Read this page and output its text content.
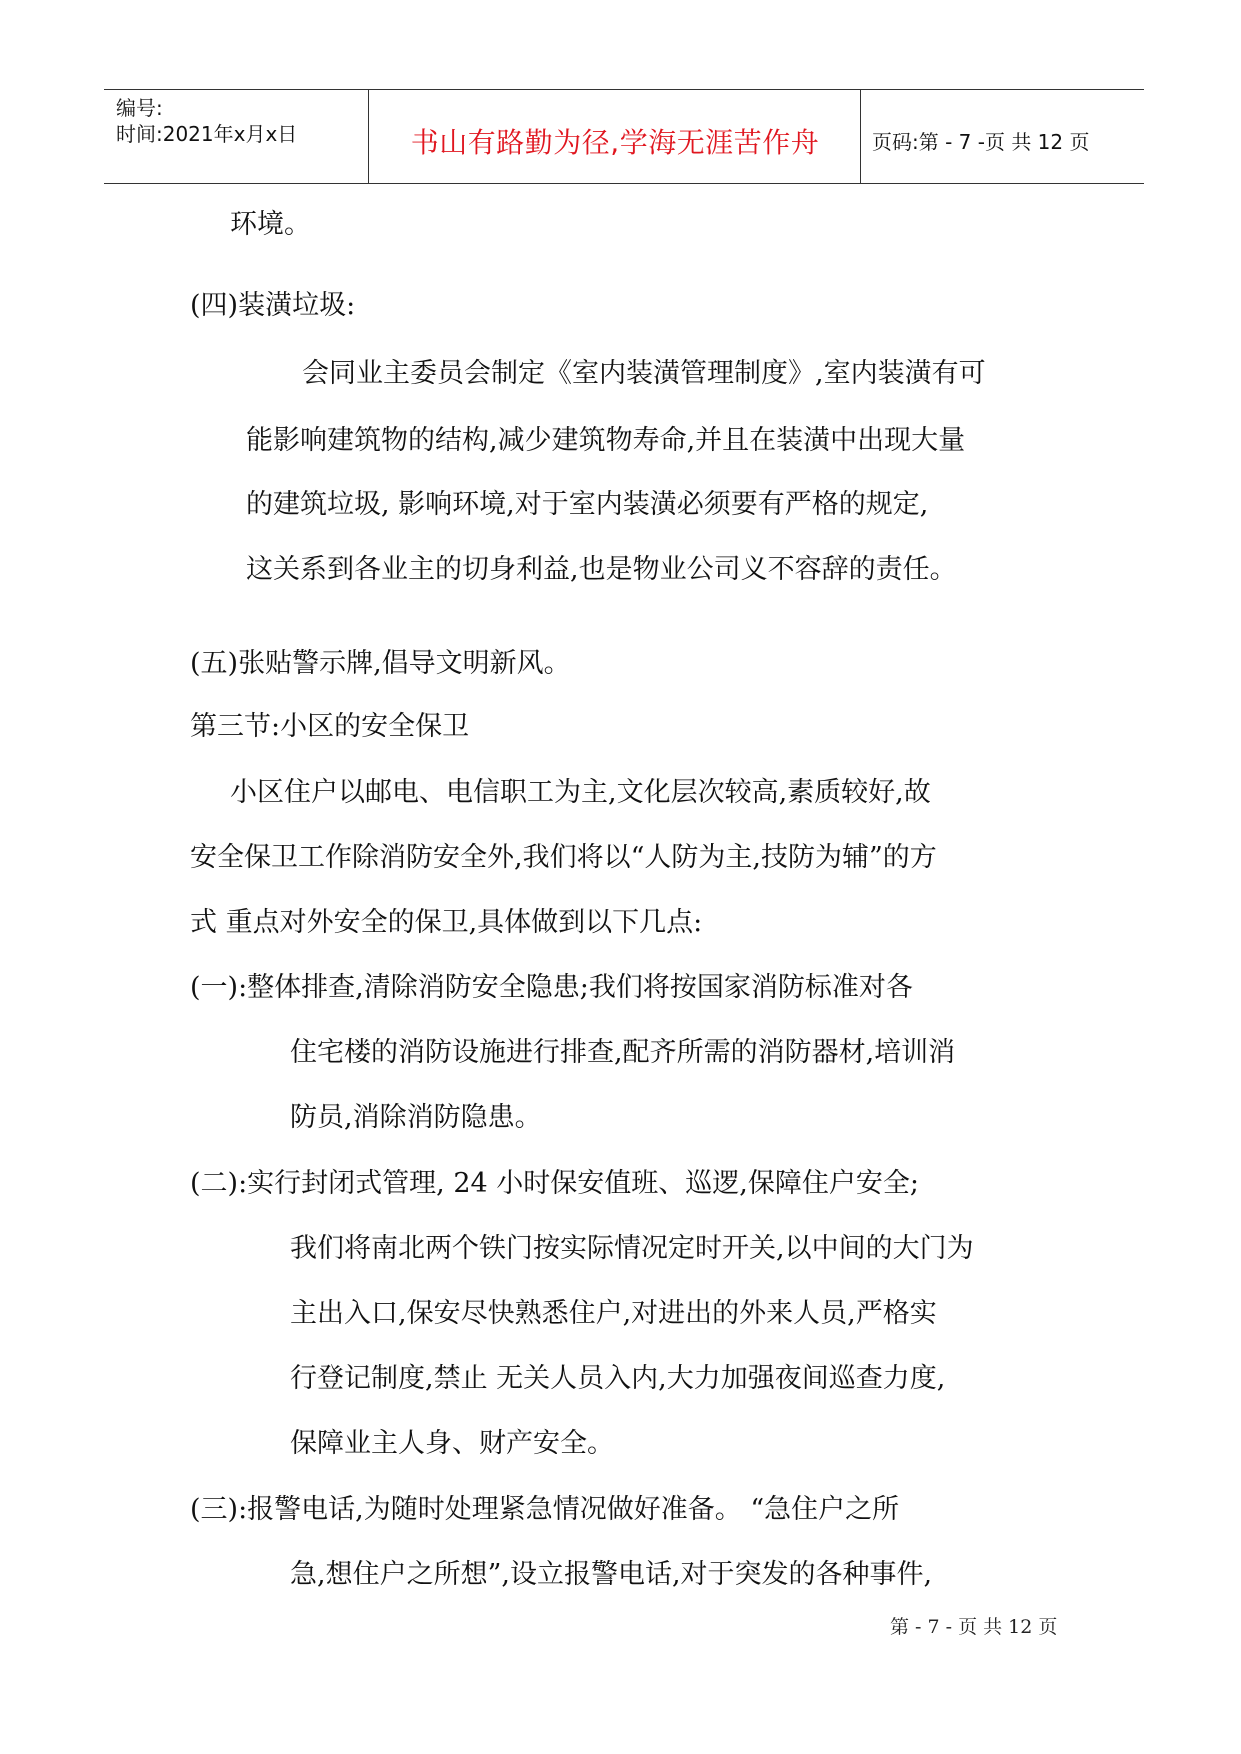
编号:
时间:2021年x月x日	书山有路勤为径,学海无涯苦作舟	页码:第 - 7 -页 共 12 页
环境。
(四)装潢垃圾:
会同业主委员会制定《室内装潢管理制度》,室内装潢有可
能影响建筑物的结构,减少建筑物寿命,并且在装潢中出现大量
的建筑垃圾, 影响环境,对于室内装潢必须要有严格的规定,
这关系到各业主的切身利益,也是物业公司义不容辞的责任。
(五)张贴警示牌,倡导文明新风。
第三节:小区的安全保卫
小区住户以邮电、电信职工为主,文化层次较高,素质较好,故
安全保卫工作除消防安全外,我们将以“人防为主,技防为辅”的方
式 重点对外安全的保卫,具体做到以下几点:
(一):整体排查,清除消防安全隐患;我们将按国家消防标准对各
住宅楼的消防设施进行排查,配齐所需的消防器材,培训消
防员,消除消防隐患。
(二):实行封闭式管理, 24 小时保安值班、巡逻,保障住户安全;
我们将南北两个铁门按实际情况定时开关,以中间的大门为
主出入口,保安尽快熟悉住户,对进出的外来人员,严格实
行登记制度,禁止 无关人员入内,大力加强夜间巡查力度,
保障业主人身、财产安全。
(三):报警电话,为随时处理紧急情况做好准备。 “急住户之所
急,想住户之所想”,设立报警电话,对于突发的各种事件,
第 - 7 - 页 共 12 页
